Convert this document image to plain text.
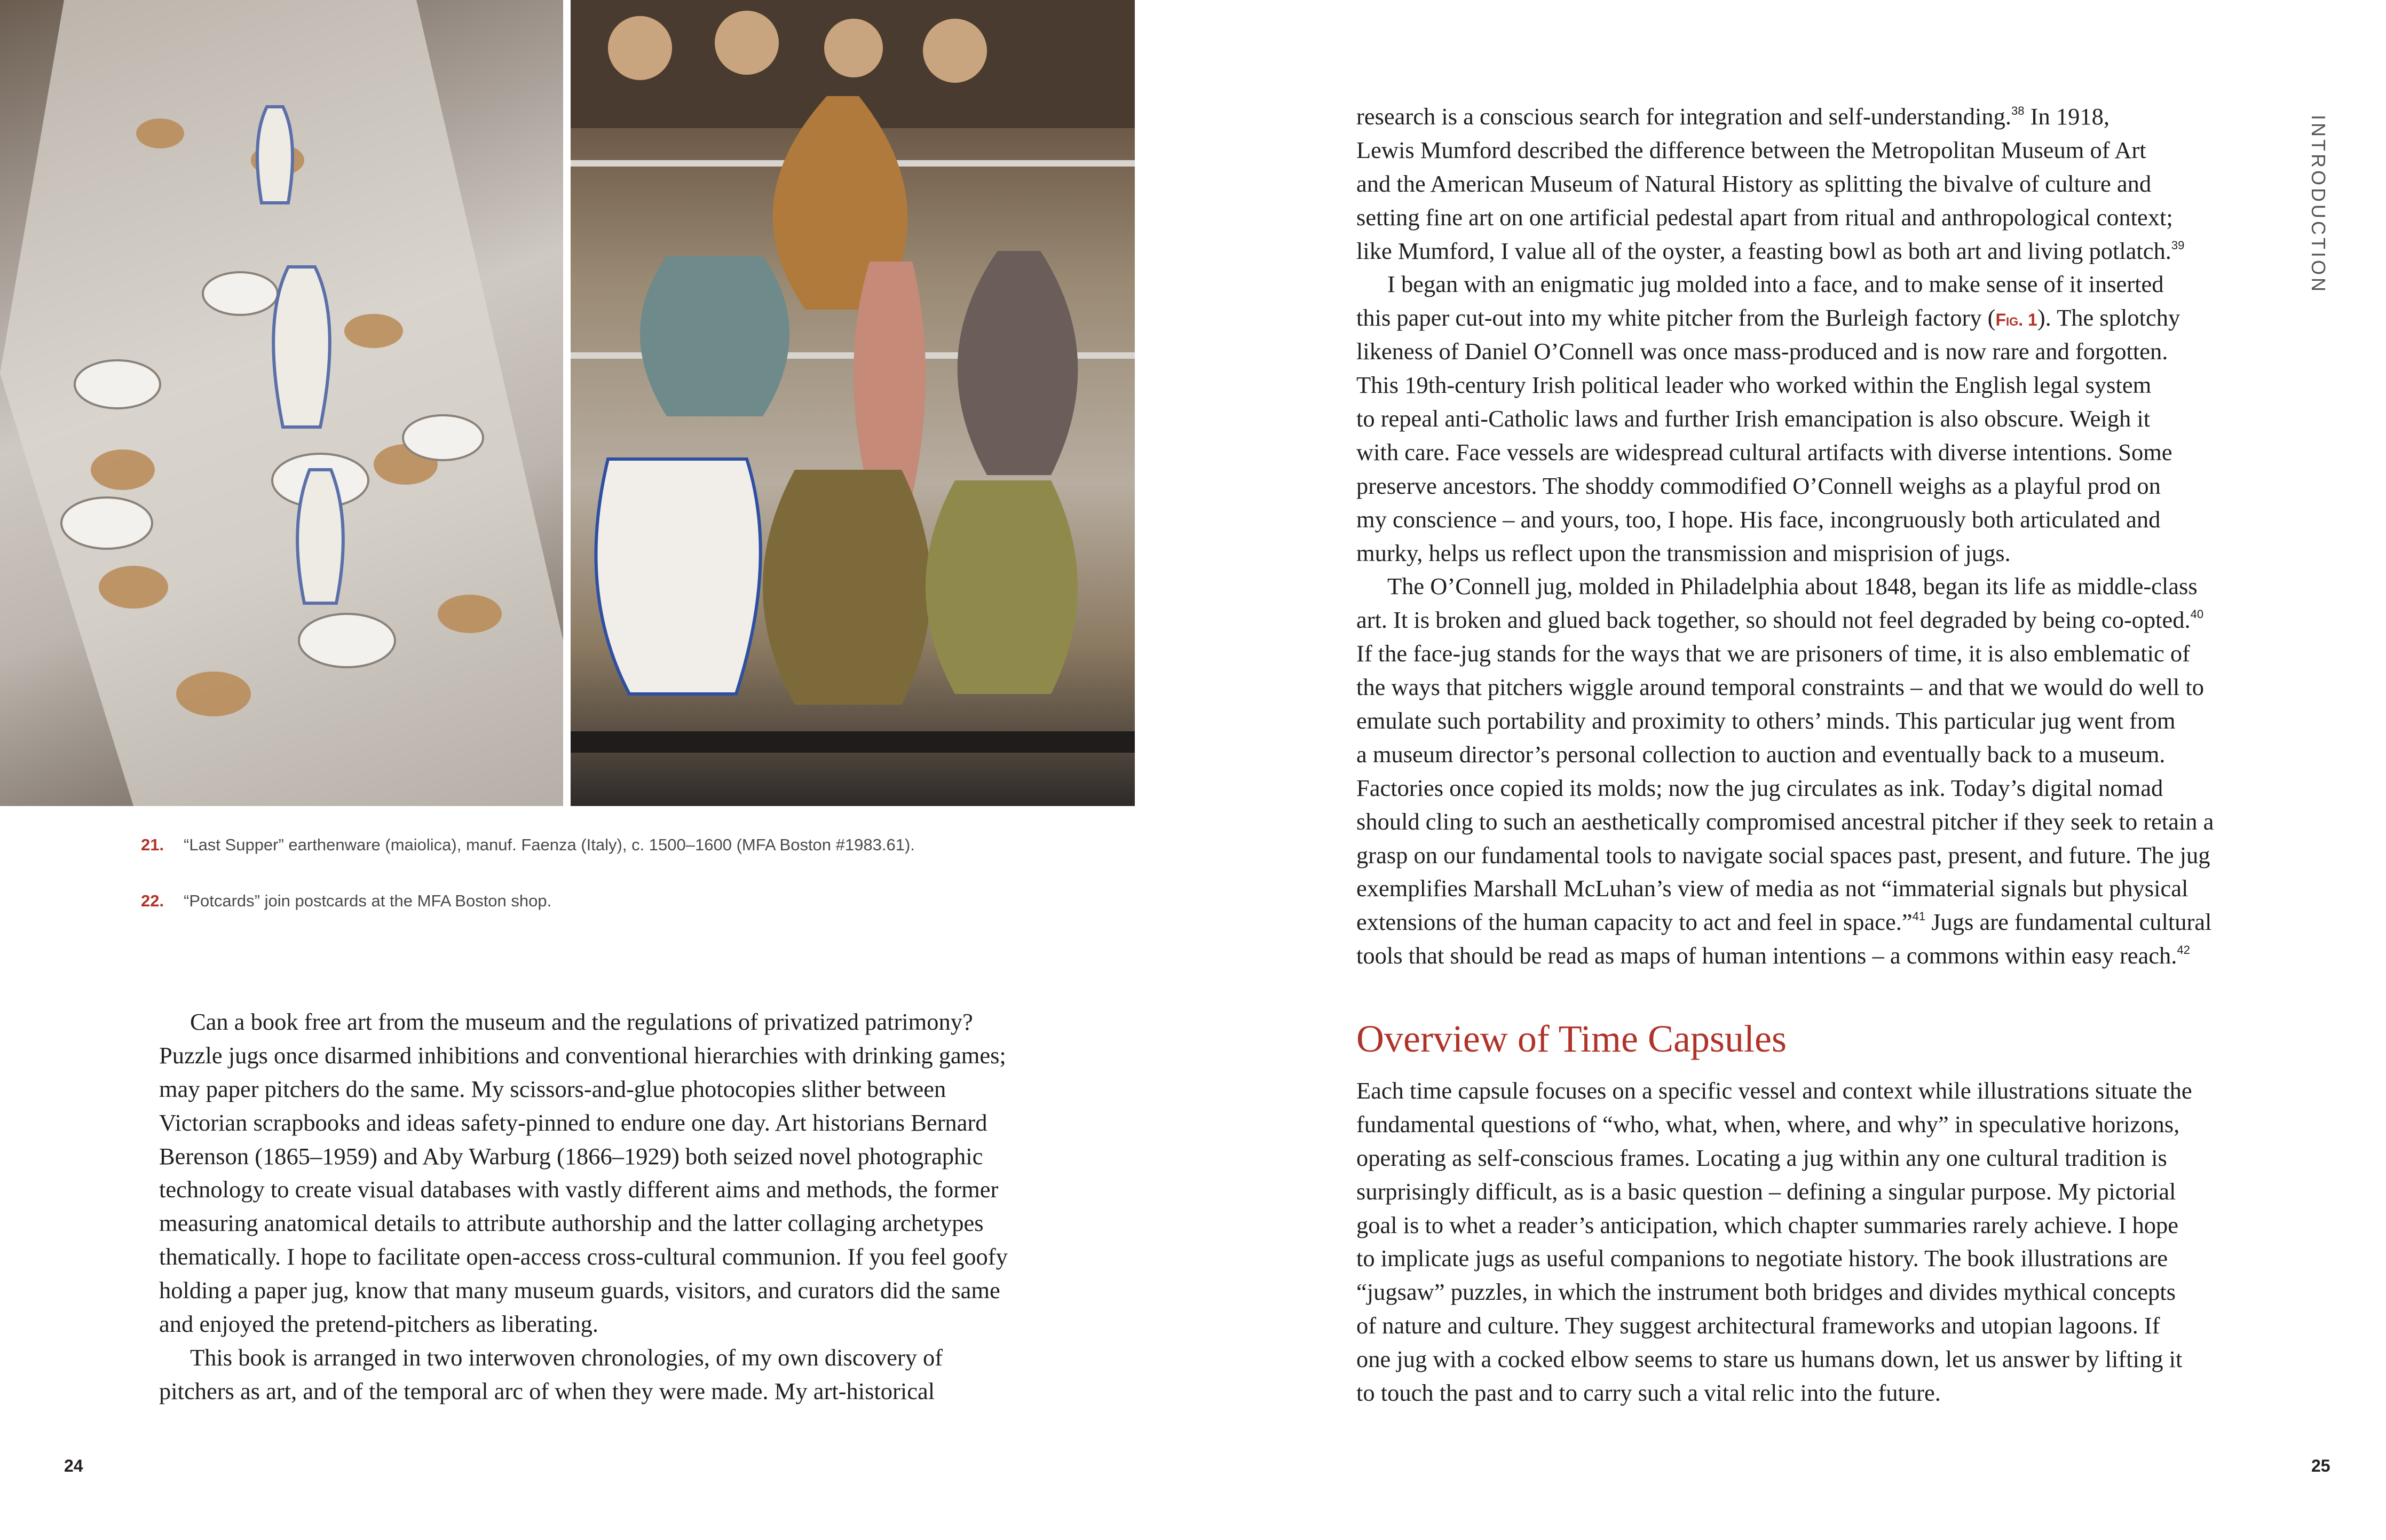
21. “Last Supper” earthenware (maiolica), manuf. Faenza (Italy), c. 1500–1600 (MFA Boston #1983.61).
22. “Potcards” join postcards at the MFA Boston shop.
Can a book free art from the museum and the regulations of privatized patrimony?
Puzzle jugs once disarmed inhibitions and conventional hierarchies with drinking games;
may paper pitchers do the same. My scissors-and-glue photocopies slither between
Victorian scrapbooks and ideas safety-pinned to endure one day. Art historians Bernard
Berenson (1865–1959) and Aby Warburg (1866–1929) both seized novel photographic
technology to create visual databases with vastly different aims and methods, the former
measuring anatomical details to attribute authorship and the latter collaging archetypes
thematically. I hope to facilitate open-access cross-cultural communion. If you feel goofy
holding a paper jug, know that many museum guards, visitors, and curators did the same
and enjoyed the pretend-pitchers as liberating.
This book is arranged in two interwoven chronologies, of my own discovery of
pitchers as art, and of the temporal arc of when they were made. My art-historical
research is a conscious search for integration and self-understanding.$^{38}$ In 1918,
Lewis Mumford described the difference between the Metropolitan Museum of Art
and the American Museum of Natural History as splitting the bivalve of culture and
setting fine art on one artificial pedestal apart from ritual and anthropological context;
like Mumford, I value all of the oyster, a feasting bowl as both art and living potlatch.$^{39}$
I began with an enigmatic jug molded into a face, and to make sense of it inserted
this paper cut-out into my white pitcher from the Burleigh factory (Fig. 1). The splotchy
likeness of Daniel O’Connell was once mass-produced and is now rare and forgotten.
This 19th-century Irish political leader who worked within the English legal system
to repeal anti-Catholic laws and further Irish emancipation is also obscure. Weigh it
with care. Face vessels are widespread cultural artifacts with diverse intentions. Some
preserve ancestors. The shoddy commodified O’Connell weighs as a playful prod on
my conscience – and yours, too, I hope. His face, incongruously both articulated and
murky, helps us reflect upon the transmission and misprision of jugs.
The O’Connell jug, molded in Philadelphia about 1848, began its life as middle-class
art. It is broken and glued back together, so should not feel degraded by being co-opted.$^{40}$
If the face-jug stands for the ways that we are prisoners of time, it is also emblematic of
the ways that pitchers wiggle around temporal constraints – and that we would do well to
emulate such portability and proximity to others’ minds. This particular jug went from
a museum director’s personal collection to auction and eventually back to a museum.
Factories once copied its molds; now the jug circulates as ink. Today’s digital nomad
should cling to such an aesthetically compromised ancestral pitcher if they seek to retain a
grasp on our fundamental tools to navigate social spaces past, present, and future. The jug
exemplifies Marshall McLuhan’s view of media as not “immaterial signals but physical
extensions of the human capacity to act and feel in space.”$^{41}$ Jugs are fundamental cultural
tools that should be read as maps of human intentions – a commons within easy reach.$^{42}$
Overview of Time Capsules
Each time capsule focuses on a specific vessel and context while illustrations situate the
fundamental questions of “who, what, when, where, and why” in speculative horizons,
operating as self-conscious frames. Locating a jug within any one cultural tradition is
surprisingly difficult, as is a basic question – defining a singular purpose. My pictorial
goal is to whet a reader’s anticipation, which chapter summaries rarely achieve. I hope
to implicate jugs as useful companions to negotiate history. The book illustrations are
“jugsaw” puzzles, in which the instrument both bridges and divides mythical concepts
of nature and culture. They suggest architectural frameworks and utopian lagoons. If
one jug with a cocked elbow seems to stare us humans down, let us answer by lifting it
to touch the past and to carry such a vital relic into the future.
INTRODUCTION
24	25
